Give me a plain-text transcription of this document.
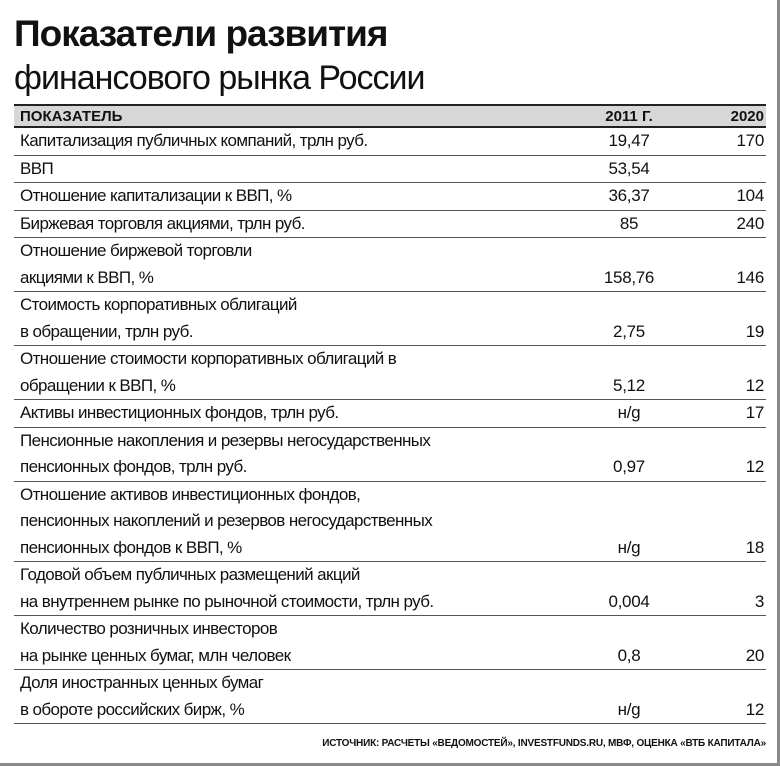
Показатели развития
финансового рынка России
ПОКАЗАТЕЛЬ	2011 Г.	2020
Капитализация публичных компаний, трлн руб.	19,47	170
ВВП	53,54
Отношение капитализации к ВВП, %	36,37	104
Биржевая торговля акциями, трлн руб.	85	240
Отношение биржевой торговли
акциями к ВВП, %	158,76	146
Стоимость корпоративных облигаций
в обращении, трлн руб.	2,75	19
Отношение стоимости корпоративных облигаций в
обращении к ВВП, %	5,12	12
Активы инвестиционных фондов, трлн руб.	н/g	17
Пенсионные накопления и резервы негосударственных
пенсионных фондов, трлн руб.	0,97	12
Отношение активов инвестиционных фондов,
пенсионных накоплений и резервов негосударственных
пенсионных фондов к ВВП, %	н/g	18
Годовой объем публичных размещений акций
на внутреннем рынке по рыночной стоимости, трлн руб.	0,004	3
Количество розничных инвесторов
на рынке ценных бумаг, млн человек	0,8	20
Доля иностранных ценных бумаг
в обороте российских бирж, %	н/g	12
ИСТОЧНИК: РАСЧЕТЫ «ВЕДОМОСТЕЙ», INVESTFUNDS.RU, МВФ, ОЦЕНКА «ВТБ КАПИТАЛА»
